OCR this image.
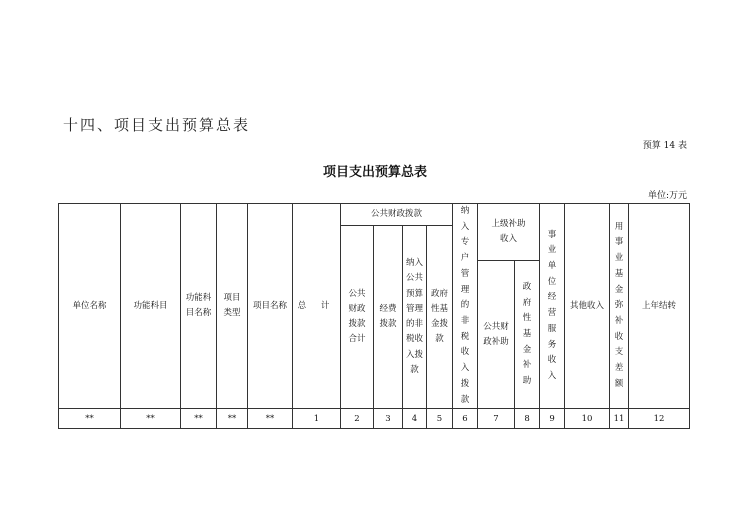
十四、项目支出预算总表
预算 14 表
项目支出预算总表
单位:万元
单位名称	功能科目	功能科目名称	项目类型	项目名称	总 计	公共财政拨款				纳入专户管理的非税收入拨款	上级补助收入		事业单位经营服务收入	其他收入	用事业基金弥补收支差额	上年结转
						公共财政拨款合计	经费拨款	纳入公共预算管理的非税收入拨款	政府性基金拨款							
											公共财政补助	政府性基金补助				
**	**	**	**	**	1	2	3	4	5	6	7	8	9	10	11	12
